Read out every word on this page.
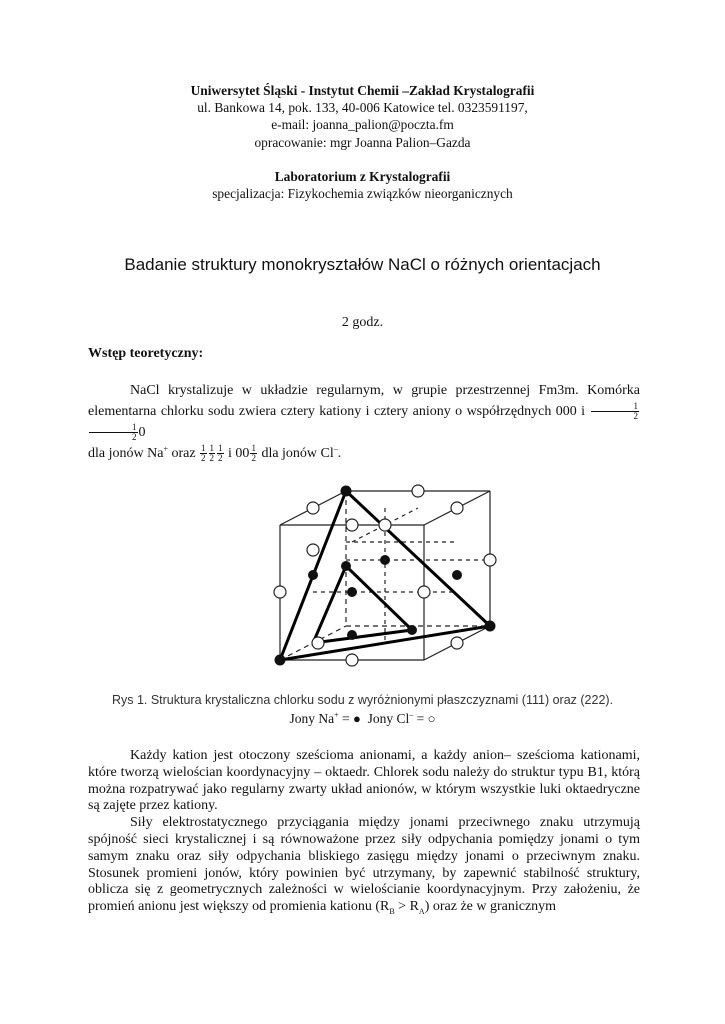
Uniwersytet Śląski - Instytut Chemii –Zakład Krystalografii
ul. Bankowa 14, pok. 133, 40-006 Katowice tel. 0323591197,
e-mail: joanna_palion@poczta.fm
opracowanie: mgr Joanna Palion–Gazda
Laboratorium z Krystalografii
specjalizacja: Fizykochemia związków nieorganicznych
Badanie struktury monokryształów NaCl o różnych orientacjach
2 godz.
Wstęp teoretyczny:

NaCl krystalizuje w układzie regularnym, w grupie przestrzennej Fm3m. Komórka elementarna chlorku sodu zwiera cztery kationy i cztery aniony o współrzędnych 000 i $\frac{1}{2}$
$\frac{1}{2} 0$

dla jonów Na+ oraz $\frac{1}{2} \frac{1}{2} \frac{1}{2}$ i $00 \frac{1}{2}$ dla jonów Cl–.
Rys 1. Struktura krystaliczna chlorku sodu z wyróżnionymi płaszczyznami (111) oraz (222).
Jony Na+ = ● Jony Cl– = ○

Każdy kation jest otoczony sześcioma anionami, a każdy anion– sześcioma kationami, które tworzą wielościan koordynacyjny – oktaedr. Chlorek sodu należy do struktur typu B1, którą można rozpatrywać jako regularny zwarty układ anionów, w którym wszystkie luki oktaedryczne są zajęte przez kationy.

Siły elektrostatycznego przyciągania między jonami przeciwnego znaku utrzymują spójność sieci krystalicznej i są równoważone przez siły odpychania pomiędzy jonami o tym samym znaku oraz siły odpychania bliskiego zasięgu między jonami o przeciwnym znaku. Stosunek promieni jonów, który powinien być utrzymany, by zapewnić stabilność struktury, oblicza się z geometrycznych zależności w wielościanie koordynacyjnym. Przy założeniu, że promień anionu jest większy od promienia kationu $(R_B > R_A)$ oraz że w granicznym
